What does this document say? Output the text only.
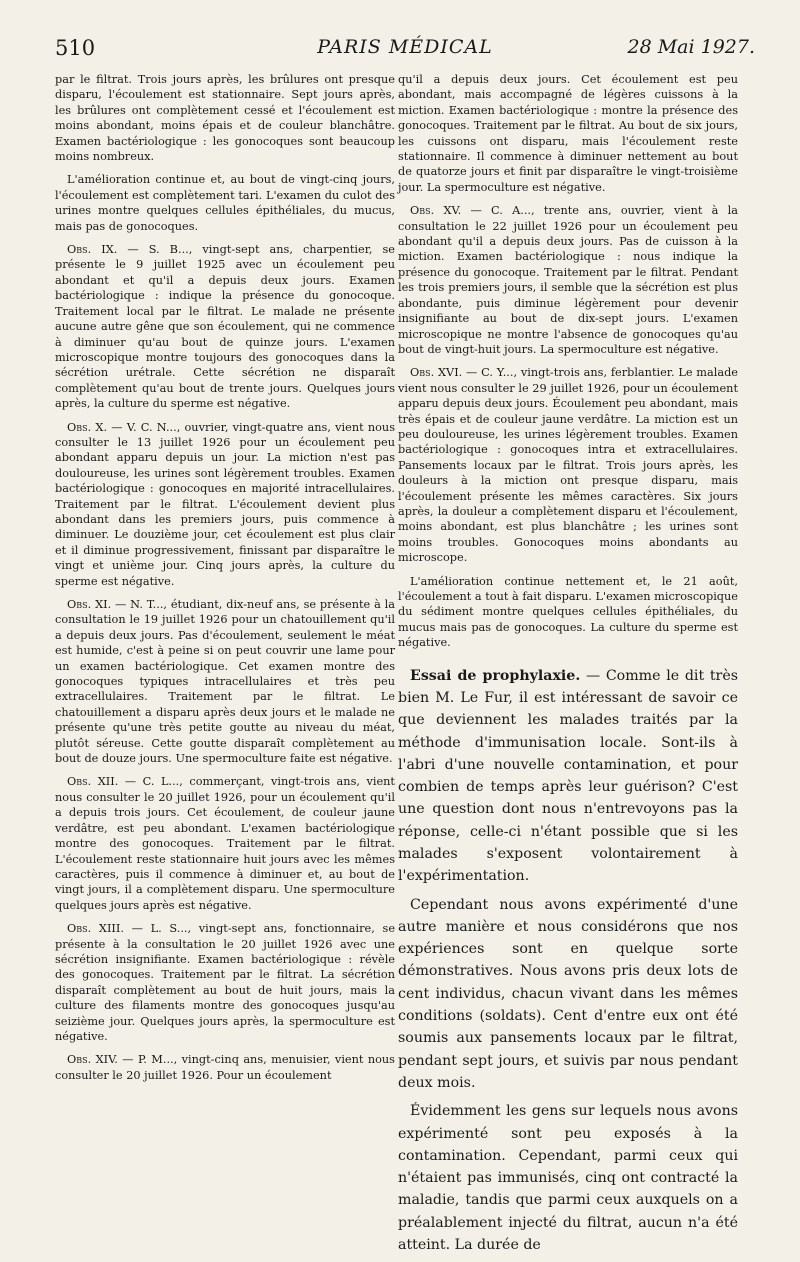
510	PARIS MÉDICAL	28 Mai 1927.

par le filtrat. Trois jours après, les brûlures ont presque disparu, l'écoulement est stationnaire. Sept jours après, les brûlures ont complètement cessé et l'écoulement est moins abondant, moins épais et de couleur blanchâtre. Examen bactériologique : les gonocoques sont beaucoup moins nombreux.

L'amélioration continue et, au bout de vingt-cinq jours, l'écoulement est complètement tari. L'examen du culot des urines montre quelques cellules épithéliales, du mucus, mais pas de gonocoques.

Obs. IX. — S. B..., vingt-sept ans, charpentier, se présente le 9 juillet 1925 avec un écoulement peu abondant et qu'il a depuis deux jours. Examen bactériologique : indique la présence du gonocoque. Traitement local par le filtrat. Le malade ne présente aucune autre gêne que son écoulement, qui ne commence à diminuer qu'au bout de quinze jours. L'examen microscopique montre toujours des gonocoques dans la sécrétion urétrale. Cette sécrétion ne disparaît complètement qu'au bout de trente jours. Quelques jours après, la culture du sperme est négative.

Obs. X. — V. C. N..., ouvrier, vingt-quatre ans, vient nous consulter le 13 juillet 1926 pour un écoulement peu abondant apparu depuis un jour. La miction n'est pas douloureuse, les urines sont légèrement troubles. Examen bactériologique : gonocoques en majorité intracellulaires. Traitement par le filtrat. L'écoulement devient plus abondant dans les premiers jours, puis commence à diminuer. Le douzième jour, cet écoulement est plus clair et il diminue progressivement, finissant par disparaître le vingt et unième jour. Cinq jours après, la culture du sperme est négative.

Obs. XI. — N. T..., étudiant, dix-neuf ans, se présente à la consultation le 19 juillet 1926 pour un chatouillement qu'il a depuis deux jours. Pas d'écoulement, seulement le méat est humide, c'est à peine si on peut couvrir une lame pour un examen bactériologique. Cet examen montre des gonocoques typiques intracellulaires et très peu extracellulaires. Traitement par le filtrat. Le chatouillement a disparu après deux jours et le malade ne présente qu'une très petite goutte au niveau du méat, plutôt séreuse. Cette goutte disparaît complètement au bout de douze jours. Une spermoculture faite est négative.

Obs. XII. — C. L..., commerçant, vingt-trois ans, vient nous consulter le 20 juillet 1926, pour un écoulement qu'il a depuis trois jours. Cet écoulement, de couleur jaune verdâtre, est peu abondant. L'examen bactériologique montre des gonocoques. Traitement par le filtrat. L'écoulement reste stationnaire huit jours avec les mêmes caractères, puis il commence à diminuer et, au bout de vingt jours, il a complètement disparu. Une spermoculture quelques jours après est négative.

Obs. XIII. — L. S..., vingt-sept ans, fonctionnaire, se présente à la consultation le 20 juillet 1926 avec une sécrétion insignifiante. Examen bactériologique : révèle des gonocoques. Traitement par le filtrat. La sécrétion disparaît complètement au bout de huit jours, mais la culture des filaments montre des gonocoques jusqu'au seizième jour. Quelques jours après, la spermoculture est négative.

Obs. XIV. — P. M..., vingt-cinq ans, menuisier, vient nous consulter le 20 juillet 1926. Pour un écoulement

qu'il a depuis deux jours. Cet écoulement est peu abondant, mais accompagné de légères cuissons à la miction. Examen bactériologique : montre la présence des gonocoques. Traitement par le filtrat. Au bout de six jours, les cuissons ont disparu, mais l'écoulement reste stationnaire. Il commence à diminuer nettement au bout de quatorze jours et finit par disparaître le vingt-troisième jour. La spermoculture est négative.

Obs. XV. — C. A..., trente ans, ouvrier, vient à la consultation le 22 juillet 1926 pour un écoulement peu abondant qu'il a depuis deux jours. Pas de cuisson à la miction. Examen bactériologique : nous indique la présence du gonocoque. Traitement par le filtrat. Pendant les trois premiers jours, il semble que la sécrétion est plus abondante, puis diminue légèrement pour devenir insignifiante au bout de dix-sept jours. L'examen microscopique ne montre l'absence de gonocoques qu'au bout de vingt-huit jours. La spermoculture est négative.

Obs. XVI. — C. Y..., vingt-trois ans, ferblantier. Le malade vient nous consulter le 29 juillet 1926, pour un écoulement apparu depuis deux jours. Écoulement peu abondant, mais très épais et de couleur jaune verdâtre. La miction est un peu douloureuse, les urines légèrement troubles. Examen bactériologique : gonocoques intra et extracellulaires. Pansements locaux par le filtrat. Trois jours après, les douleurs à la miction ont presque disparu, mais l'écoulement présente les mêmes caractères. Six jours après, la douleur a complètement disparu et l'écoulement, moins abondant, est plus blanchâtre ; les urines sont moins troubles. Gonocoques moins abondants au microscope.

L'amélioration continue nettement et, le 21 août, l'écoulement a tout à fait disparu. L'examen microscopique du sédiment montre quelques cellules épithéliales, du mucus mais pas de gonocoques. La culture du sperme est négative.

Essai de prophylaxie. — Comme le dit très bien M. Le Fur, il est intéressant de savoir ce que deviennent les malades traités par la méthode d'immunisation locale. Sont-ils à l'abri d'une nouvelle contamination, et pour combien de temps après leur guérison? C'est une question dont nous n'entrevoyons pas la réponse, celle-ci n'étant possible que si les malades s'exposent volontairement à l'expérimentation.

Cependant nous avons expérimenté d'une autre manière et nous considérons que nos expériences sont en quelque sorte démonstratives. Nous avons pris deux lots de cent individus, chacun vivant dans les mêmes conditions (soldats). Cent d'entre eux ont été soumis aux pansements locaux par le filtrat, pendant sept jours, et suivis par nous pendant deux mois.

Évidemment les gens sur lequels nous avons expérimenté sont peu exposés à la contamination. Cependant, parmi ceux qui n'étaient pas immunisés, cinq ont contracté la maladie, tandis que parmi ceux auxquels on a préalablement injecté du filtrat, aucun n'a été atteint. La durée de
